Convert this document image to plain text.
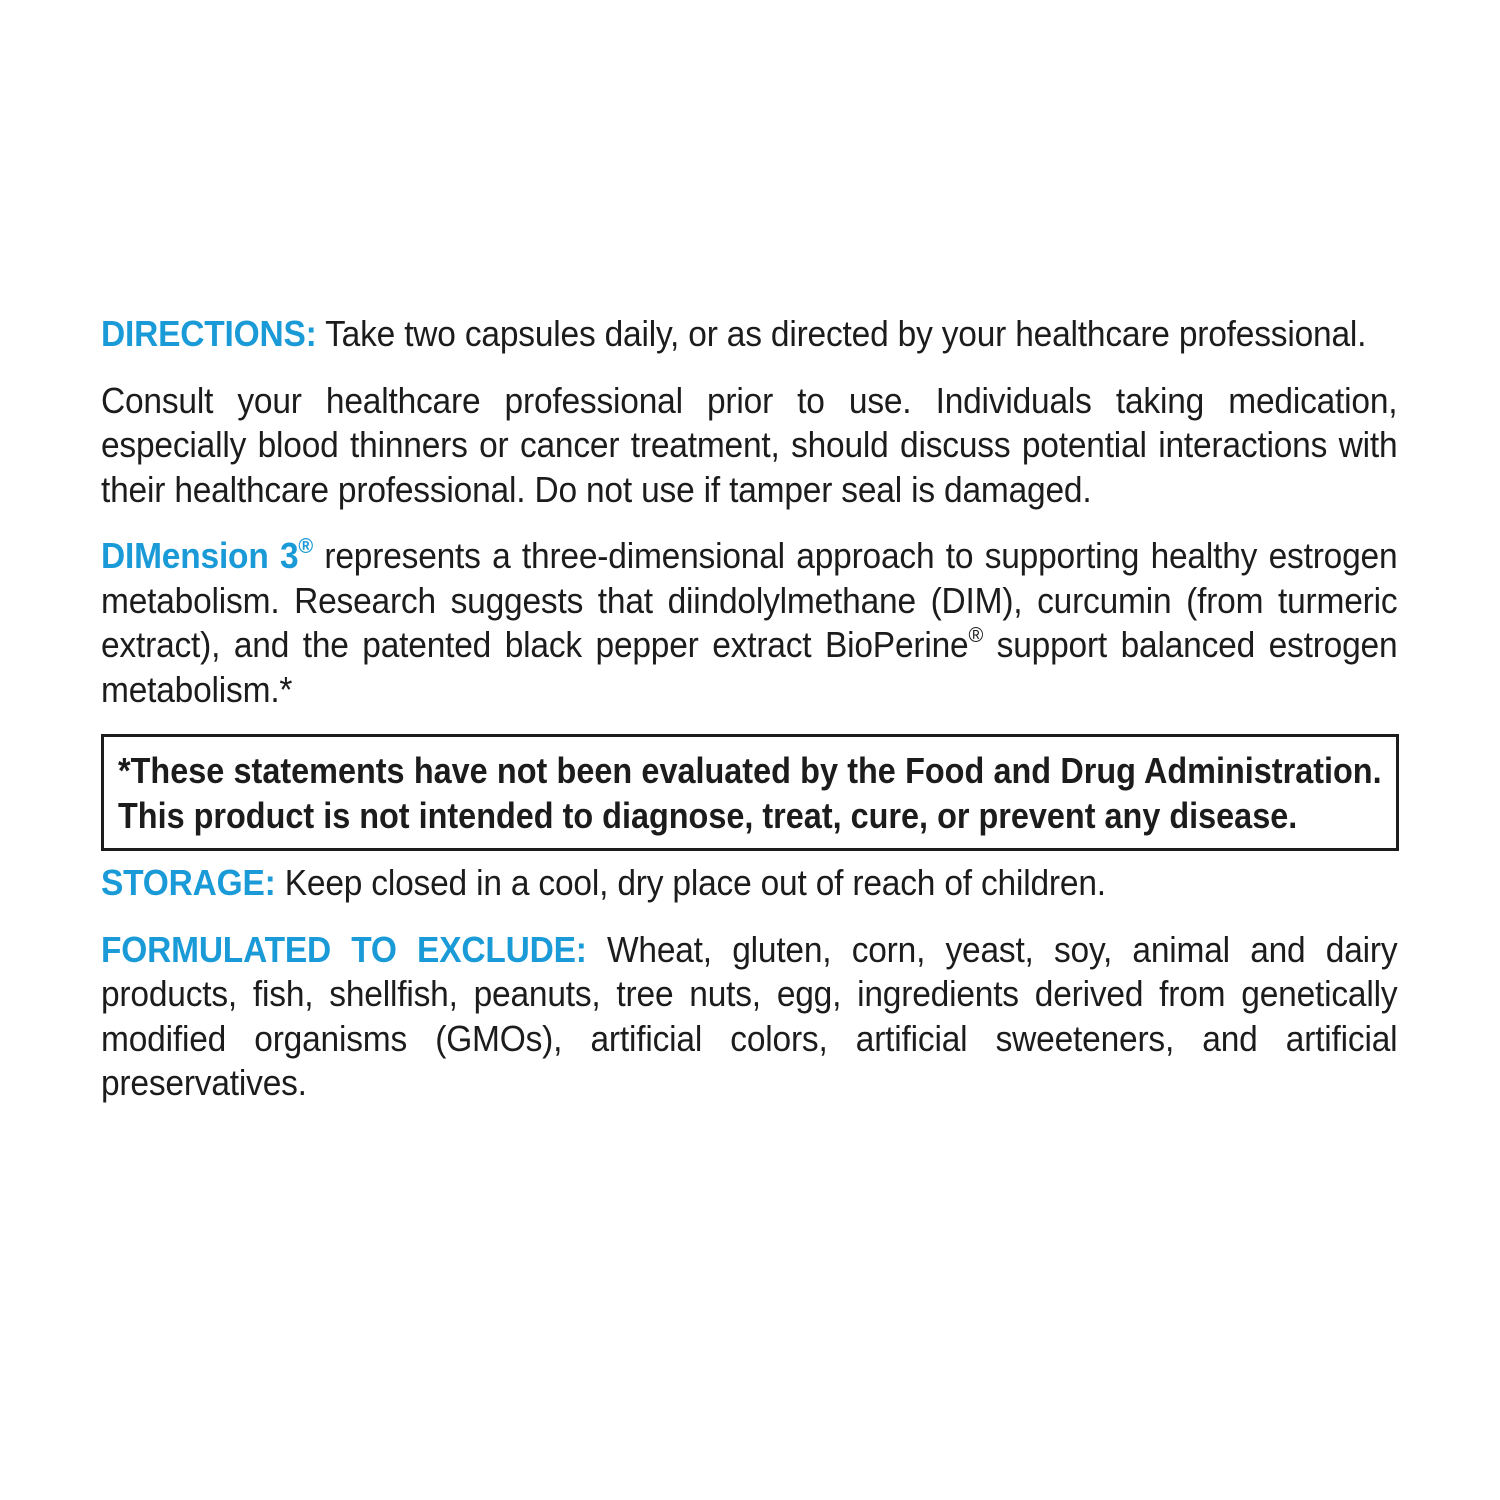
DIRECTIONS: Take two capsules daily, or as directed by your healthcare professional.

Consult your healthcare professional prior to use. Individuals taking medication, especially blood thinners or cancer treatment, should discuss potential interactions with their healthcare professional. Do not use if tamper seal is damaged.

DIMension 3® represents a three-dimensional approach to supporting healthy estrogen metabolism. Research suggests that diindolylmethane (DIM), curcumin (from turmeric extract), and the patented black pepper extract BioPerine® support balanced estrogen metabolism.*

*These statements have not been evaluated by the Food and Drug Administration. This product is not intended to diagnose, treat, cure, or prevent any disease.

STORAGE: Keep closed in a cool, dry place out of reach of children.

FORMULATED TO EXCLUDE: Wheat, gluten, corn, yeast, soy, animal and dairy products, fish, shellfish, peanuts, tree nuts, egg, ingredients derived from genetically modified organisms (GMOs), artificial colors, artificial sweeteners, and artificial preservatives.
